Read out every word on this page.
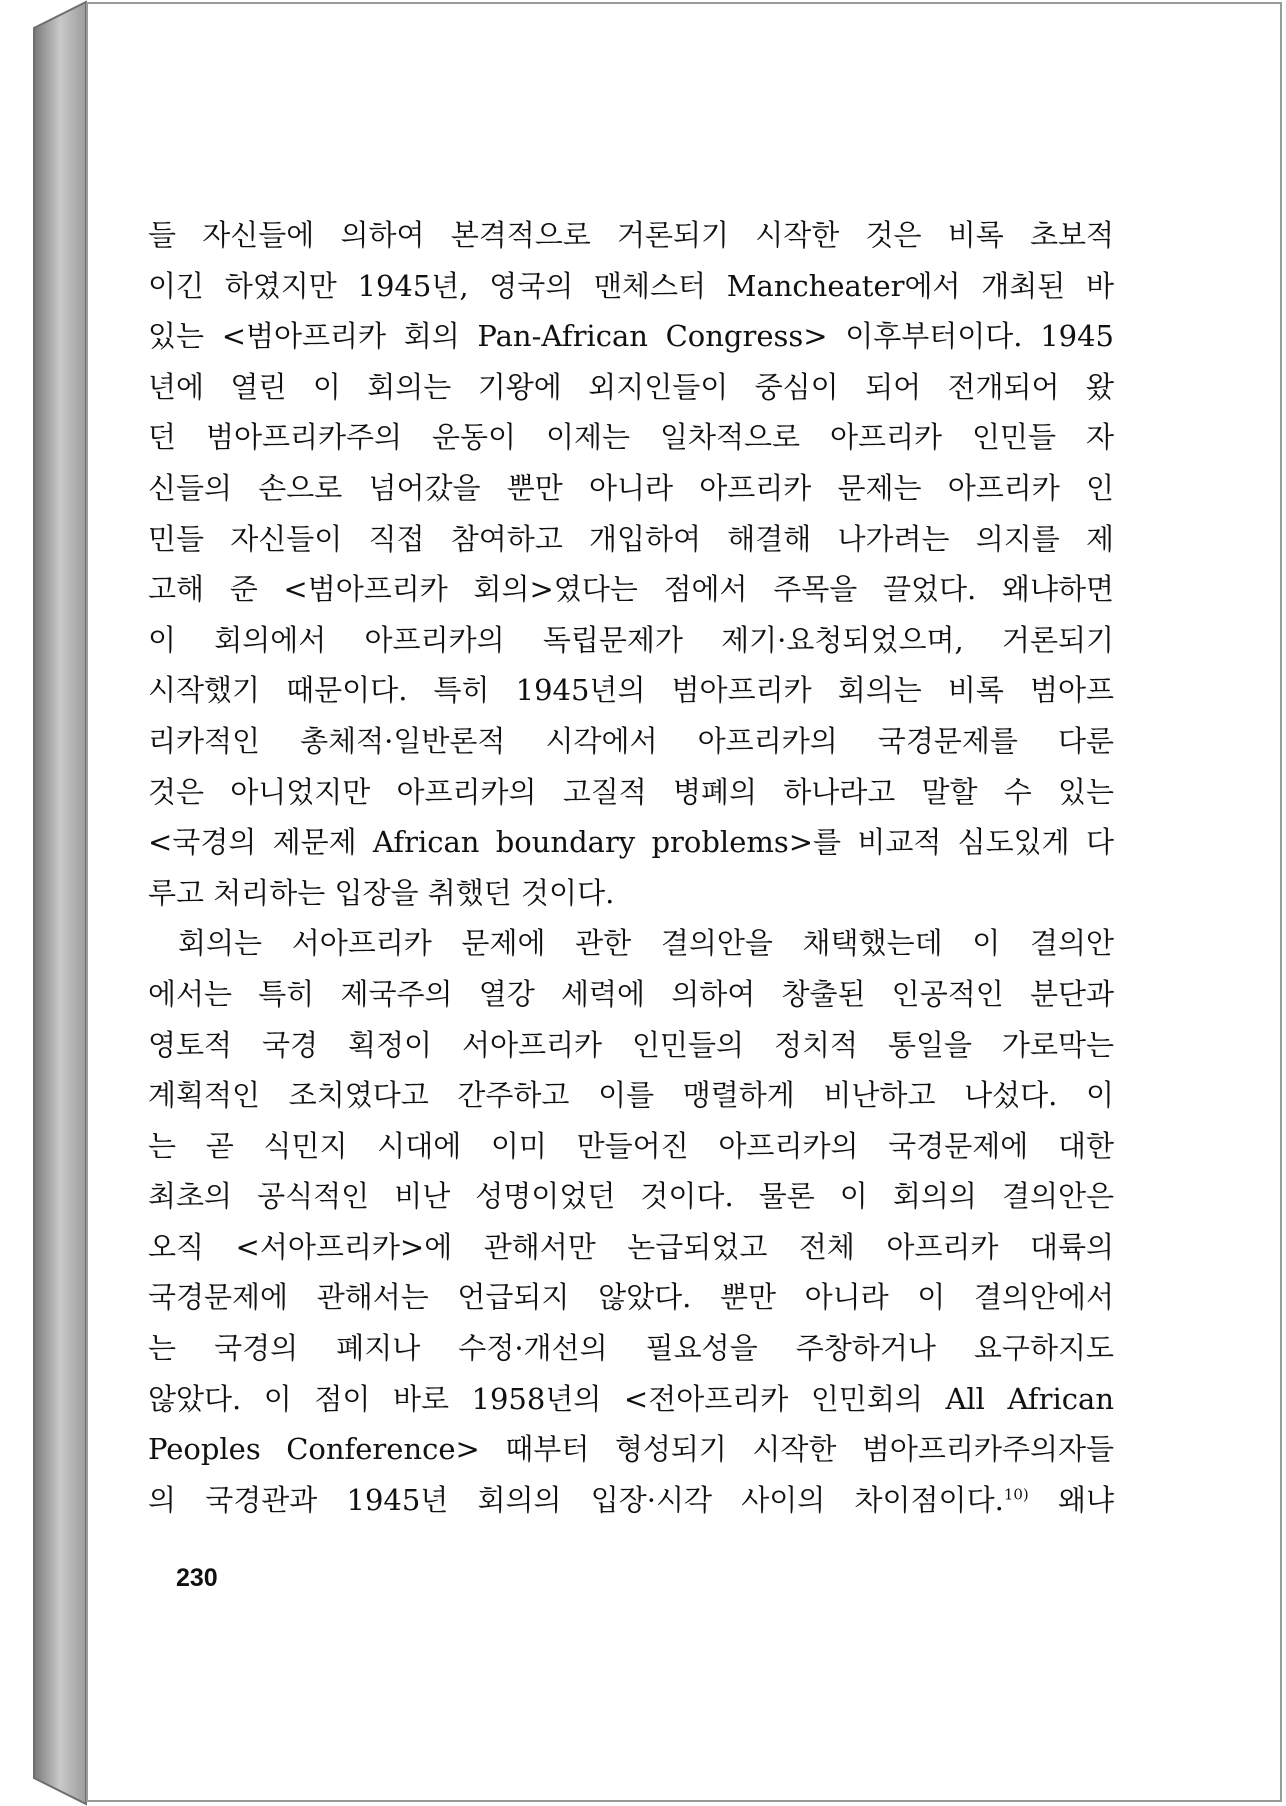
들 자신들에 의하여 본격적으로 거론되기 시작한 것은 비록 초보적
이긴 하였지만 1945년, 영국의 맨체스터 Mancheater에서 개최된 바
있는 <범아프리카 회의 Pan-African Congress> 이후부터이다. 1945
년에 열린 이 회의는 기왕에 외지인들이 중심이 되어 전개되어 왔
던 범아프리카주의 운동이 이제는 일차적으로 아프리카 인민들 자
신들의 손으로 넘어갔을 뿐만 아니라 아프리카 문제는 아프리카 인
민들 자신들이 직접 참여하고 개입하여 해결해 나가려는 의지를 제
고해 준 <범아프리카 회의>였다는 점에서 주목을 끌었다. 왜냐하면
이 회의에서 아프리카의 독립문제가 제기·요청되었으며, 거론되기
시작했기 때문이다. 특히 1945년의 범아프리카 회의는 비록 범아프
리카적인 총체적·일반론적 시각에서 아프리카의 국경문제를 다룬
것은 아니었지만 아프리카의 고질적 병폐의 하나라고 말할 수 있는
<국경의 제문제 African boundary problems>를 비교적 심도있게 다
루고 처리하는 입장을 취했던 것이다.
회의는 서아프리카 문제에 관한 결의안을 채택했는데 이 결의안
에서는 특히 제국주의 열강 세력에 의하여 창출된 인공적인 분단과
영토적 국경 획정이 서아프리카 인민들의 정치적 통일을 가로막는
계획적인 조치였다고 간주하고 이를 맹렬하게 비난하고 나섰다. 이
는 곧 식민지 시대에 이미 만들어진 아프리카의 국경문제에 대한
최초의 공식적인 비난 성명이었던 것이다. 물론 이 회의의 결의안은
오직 <서아프리카>에 관해서만 논급되었고 전체 아프리카 대륙의
국경문제에 관해서는 언급되지 않았다. 뿐만 아니라 이 결의안에서
는 국경의 폐지나 수정·개선의 필요성을 주창하거나 요구하지도
않았다. 이 점이 바로 1958년의 <전아프리카 인민회의 All African
Peoples Conference> 때부터 형성되기 시작한 범아프리카주의자들
의 국경관과 1945년 회의의 입장·시각 사이의 차이점이다.$^{10)}$ 왜냐
230
